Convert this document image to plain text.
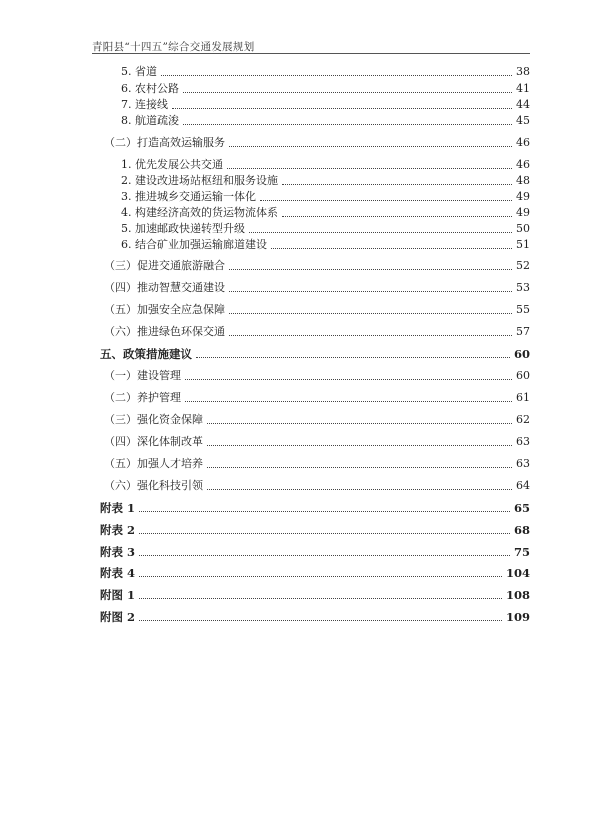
青阳县“十四五”综合交通发展规划
5. 省道	38
6. 农村公路	41
7. 连接线	44
8. 航道疏浚	45
（二）打造高效运输服务	46
1. 优先发展公共交通	46
2. 建设改进场站枢纽和服务设施	48
3. 推进城乡交通运输一体化	49
4. 构建经济高效的货运物流体系	49
5. 加速邮政快递转型升级	50
6. 结合矿业加强运输廊道建设	51
（三）促进交通旅游融合	52
（四）推动智慧交通建设	53
（五）加强安全应急保障	55
（六）推进绿色环保交通	57
五、政策措施建议	60
（一）建设管理	60
（二）养护管理	61
（三）强化资金保障	62
（四）深化体制改革	63
（五）加强人才培养	63
（六）强化科技引领	64
附表 1	65
附表 2	68
附表 3	75
附表 4	104
附图 1	108
附图 2	109
